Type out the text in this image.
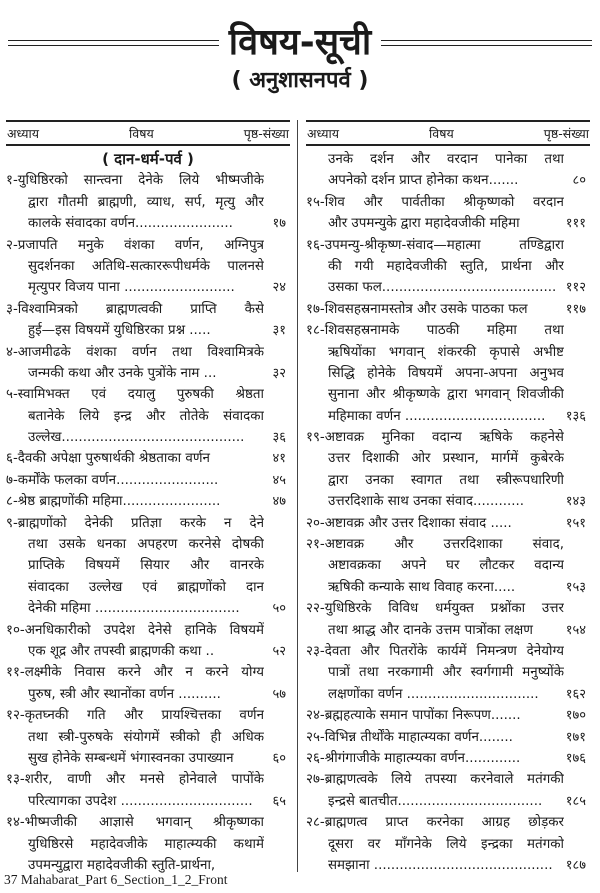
विषय-सूची
( अनुशासनपर्व )
अध्याय	विषय	पृष्ठ-संख्या
( दान-धर्म-पर्व )
१-युधिष्ठिरको सान्त्वना देनेके लिये भीष्मजीके
द्वारा गौतमी ब्राह्मणी, व्याध, सर्प, मृत्यु और
कालके संवादका वर्णन.......................	१७
२-प्रजापति मनुके वंशका वर्णन, अग्निपुत्र
सुदर्शनका अतिथि-सत्काररूपीधर्मके पालनसे
मृत्युपर विजय पाना ..........................	२४
३-विश्वामित्रको ब्राह्मणत्वकी प्राप्ति कैसे
हुई—इस विषयमें युधिष्ठिरका प्रश्न .....	३१
४-आजमीढके वंशका वर्णन तथा विश्वामित्रके
जन्मकी कथा और उनके पुत्रोंके नाम ...	३२
५-स्वामिभक्त एवं दयालु पुरुषकी श्रेष्ठता
बतानेके लिये इन्द्र और तोतेके संवादका
उल्लेख...........................................	३६
६-दैवकी अपेक्षा पुरुषार्थकी श्रेष्ठताका वर्णन	४१
७-कर्मोंके फलका वर्णन........................	४५
८-श्रेष्ठ ब्राह्मणोंकी महिमा.......................	४७
९-ब्राह्मणोंको देनेकी प्रतिज्ञा करके न देने
तथा उसके धनका अपहरण करनेसे दोषकी
प्राप्तिके विषयमें सियार और वानरके
संवादका उल्लेख एवं ब्राह्मणोंको दान
देनेकी महिमा ..................................	५०
१०-अनधिकारीको उपदेश देनेसे हानिके विषयमें
एक शूद्र और तपस्वी ब्राह्मणकी कथा ..	५२
११-लक्ष्मीके निवास करने और न करने योग्य
पुरुष, स्त्री और स्थानोंका वर्णन ..........	५७
१२-कृतघ्नकी गति और प्रायश्चित्तका वर्णन
तथा स्त्री-पुरुषके संयोगमें स्त्रीको ही अधिक
सुख होनेके सम्बन्धमें भंगास्वनका उपाख्यान	६०
१३-शरीर, वाणी और मनसे होनेवाले पापोंके
परित्यागका उपदेश ...............................	६५
१४-भीष्मजीकी आज्ञासे भगवान् श्रीकृष्णका
युधिष्ठिरसे महादेवजीके माहात्म्यकी कथामें
उपमन्युद्वारा महादेवजीकी स्तुति-प्रार्थना,
अध्याय	विषय	पृष्ठ-संख्या
उनके दर्शन और वरदान पानेका तथा
अपनेको दर्शन प्राप्त होनेका कथन.......	८०
१५-शिव और पार्वतीका श्रीकृष्णको वरदान
और उपमन्युके द्वारा महादेवजीकी महिमा	१११
१६-उपमन्यु-श्रीकृष्ण-संवाद—महात्मा तण्डिद्वारा
की गयी महादेवजीकी स्तुति, प्रार्थना और
उसका फल......................................... ११२
१७-शिवसहस्रनामस्तोत्र और उसके पाठका फल	११७
१८-शिवसहस्रनामके पाठकी महिमा तथा
ऋषियोंका भगवान् शंकरकी कृपासे अभीष्ट
सिद्धि होनेके विषयमें अपना-अपना अनुभव
सुनाना और श्रीकृष्णके द्वारा भगवान् शिवजीकी
महिमाका वर्णन .................................	१३६
१९-अष्टावक्र मुनिका वदान्य ऋषिके कहनेसे
उत्तर दिशाकी ओर प्रस्थान, मार्गमें कुबेरके
द्वारा उनका स्वागत तथा स्त्रीरूपधारिणी
उत्तरदिशाके साथ उनका संवाद............	१४३
२०-अष्टावक्र और उत्तर दिशाका संवाद .....	१५१
२१-अष्टावक्र और उत्तरदिशाका संवाद,
अष्टावक्रका अपने घर लौटकर वदान्य
ऋषिकी कन्याके साथ विवाह करना.....	१५३
२२-युधिष्ठिरके विविध धर्मयुक्त प्रश्नोंका उत्तर
तथा श्राद्ध और दानके उत्तम पात्रोंका लक्षण	१५४
२३-देवता और पितरोंके कार्यमें निमन्त्रण देनेयोग्य
पात्रों तथा नरकगामी और स्वर्गगामी मनुष्योंके
लक्षणोंका वर्णन ...............................	१६२
२४-ब्रह्महत्याके समान पापोंका निरूपण.......	१७०
२५-विभिन्न तीर्थोंके माहात्म्यका वर्णन........	१७१
२६-श्रीगंगाजीके माहात्म्यका वर्णन.............	१७६
२७-ब्राह्मणत्वके लिये तपस्या करनेवाले मतंगकी
इन्द्रसे बातचीत..................................	१८५
२८-ब्राह्मणत्व प्राप्त करनेका आग्रह छोड़कर
दूसरा वर माँगनेके लिये इन्द्रका मतंगको
समझाना ..........................................	१८७
37 Mahabarat_Part 6_Section_1_2_Front
